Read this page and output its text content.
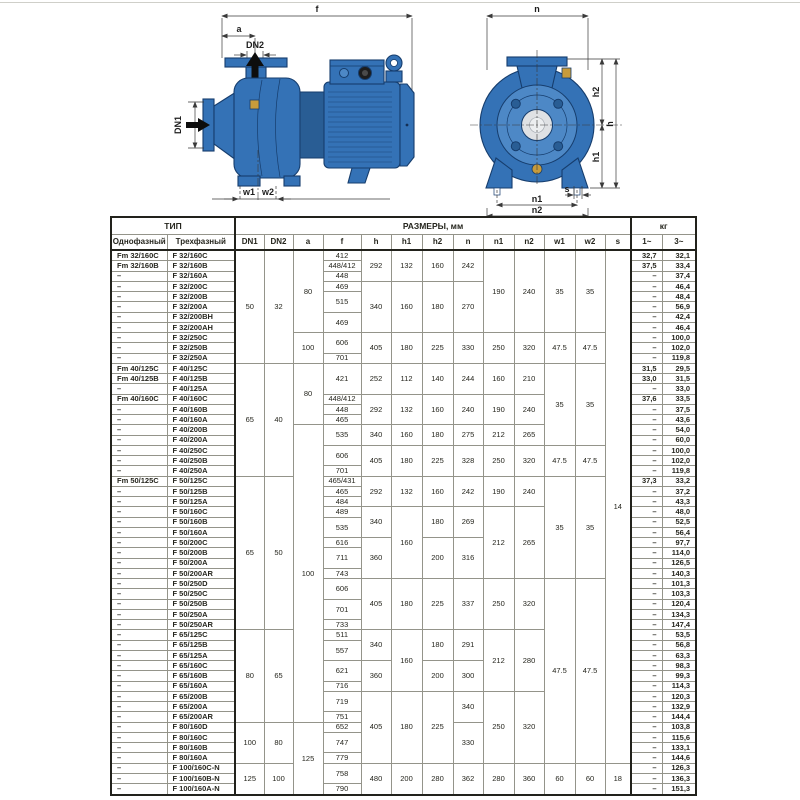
f
a
DN2
DN1
w1 w2
n
h2
h
h1
s
n1
n2
ТИП		РАЗМЕРЫ, мм													кг	
Однофазный	Трехфазный	DN1	DN2	a	f	h	h1	h2	n	n1	n2	w1	w2	s	1~	3~
Fm 32/160C	F 32/160C	50	32	80	412	292	132	160	242	190	240	35	35	14	32,7	32,1
Fm 32/160B	F 32/160B				448/412										37,5	33,4
–	F 32/160A				448										–	37,4
–	F 32/200C				469	340	160	180	270						–	46,4
–	F 32/200B				515										–	48,4
–	F 32/200A														–	56,9
–	F 32/200BH				469										–	42,4
–	F 32/200AH														–	46,4
–	F 32/250C			100	606	405	180	225	330	250	320	47.5	47.5		–	100,0
–	F 32/250B														–	102,0
–	F 32/250A				701										–	119,8
Fm 40/125C	F 40/125C	65	40	80	421	252	112	140	244	160	210	35	35		31,5	29,5
Fm 40/125B	F 40/125B														33,0	31,5
–	F 40/125A														–	33,0
Fm 40/160C	F 40/160C				448/412	292	132	160	240	190	240				37,6	33,5
–	F 40/160B				448										–	37,5
–	F 40/160A				465										–	43,6
–	F 40/200B			100	535	340	160	180	275	212	265				–	54,0
–	F 40/200A														–	60,0
–	F 40/250C				606	405	180	225	328	250	320	47.5	47.5		–	100,0
–	F 40/250B														–	102,0
–	F 40/250A				701										–	119,8
Fm 50/125C	F 50/125C	65	50		465/431	292	132	160	242	190	240	35	35		37,3	33,2
–	F 50/125B				465										–	37,2
–	F 50/125A				484										–	43,3
–	F 50/160C				489	340	160	180	269	212	265				–	48,0
–	F 50/160B				535										–	52,5
–	F 50/160A														–	56,4
–	F 50/200C				616	360		200	316						–	97,7
–	F 50/200B				711										–	114,0
–	F 50/200A														–	126,5
–	F 50/200AR				743										–	140,3
–	F 50/250D				606	405	180	225	337	250	320	47.5	47.5		–	101,3
–	F 50/250C														–	103,3
–	F 50/250B				701										–	120,4
–	F 50/250A														–	134,3
–	F 50/250AR				733										–	147,4
–	F 65/125C	80	65		511	340	160	180	291	212	280				–	53,5
–	F 65/125B				557										–	56,8
–	F 65/125A														–	63,3
–	F 65/160C				621	360		200	300						–	98,3
–	F 65/160B														–	99,3
–	F 65/160A				716										–	114,3
–	F 65/200B				719	405	180	225	340	250	320				–	120,3
–	F 65/200A														–	132,9
–	F 65/200AR				751										–	144,4
–	F 80/160D	100	80	125	652				330						–	103,8
–	F 80/160C				747										–	115,6
–	F 80/160B														–	133,1
–	F 80/160A				779										–	144,6
–	F 100/160C-N	125	100		758	480	200	280	362	280	360	60	60	18	–	126,3
–	F 100/160B-N														–	136,3
–	F 100/160A-N				790										–	151,3
